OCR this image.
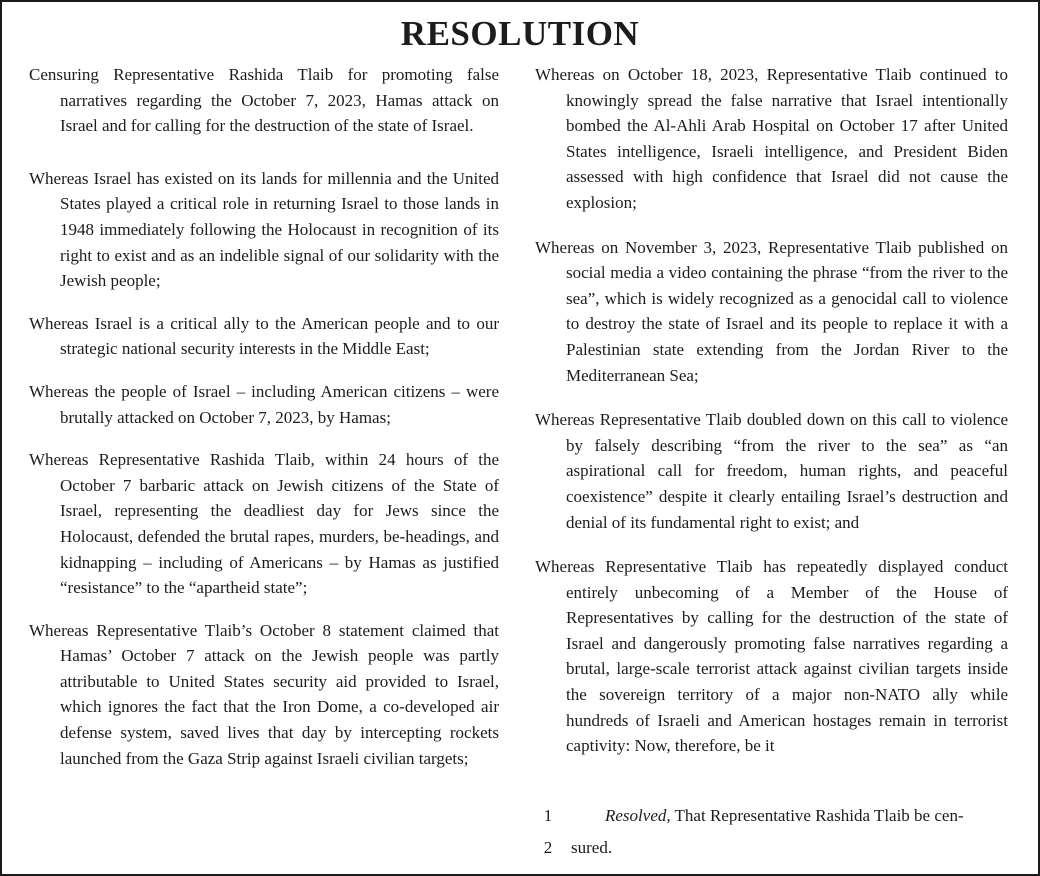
RESOLUTION

Censuring Representative Rashida Tlaib for promoting false narratives regarding the October 7, 2023, Hamas attack on Israel and for calling for the destruction of the state of Israel.

Whereas Israel has existed on its lands for millennia and the United States played a critical role in returning Israel to those lands in 1948 immediately following the Holocaust in recognition of its right to exist and as an indelible signal of our solidarity with the Jewish people;

Whereas Israel is a critical ally to the American people and to our strategic national security interests in the Middle East;

Whereas the people of Israel – including American citizens – were brutally attacked on October 7, 2023, by Hamas;

Whereas Representative Rashida Tlaib, within 24 hours of the October 7 barbaric attack on Jewish citizens of the State of Israel, representing the deadliest day for Jews since the Holocaust, defended the brutal rapes, murders, be-headings, and kidnapping – including of Americans – by Hamas as justified “resistance” to the “apartheid state”;

Whereas Representative Tlaib’s October 8 statement claimed that Hamas’ October 7 attack on the Jewish people was partly attributable to United States security aid provided to Israel, which ignores the fact that the Iron Dome, a co-developed air defense system, saved lives that day by intercepting rockets launched from the Gaza Strip against Israeli civilian targets;

Whereas on October 18, 2023, Representative Tlaib continued to knowingly spread the false narrative that Israel intentionally bombed the Al-Ahli Arab Hospital on October 17 after United States intelligence, Israeli intelligence, and President Biden assessed with high confidence that Israel did not cause the explosion;

Whereas on November 3, 2023, Representative Tlaib published on social media a video containing the phrase “from the river to the sea”, which is widely recognized as a genocidal call to violence to destroy the state of Israel and its people to replace it with a Palestinian state extending from the Jordan River to the Mediterranean Sea;

Whereas Representative Tlaib doubled down on this call to violence by falsely describing “from the river to the sea” as “an aspirational call for freedom, human rights, and peaceful coexistence” despite it clearly entailing Israel’s destruction and denial of its fundamental right to exist; and

Whereas Representative Tlaib has repeatedly displayed conduct entirely unbecoming of a Member of the House of Representatives by calling for the destruction of the state of Israel and dangerously promoting false narratives regarding a brutal, large-scale terrorist attack against civilian targets inside the sovereign territory of a major non-NATO ally while hundreds of Israeli and American hostages remain in terrorist captivity: Now, therefore, be it

1	Resolved, That Representative Rashida Tlaib be cen-
2	sured.
